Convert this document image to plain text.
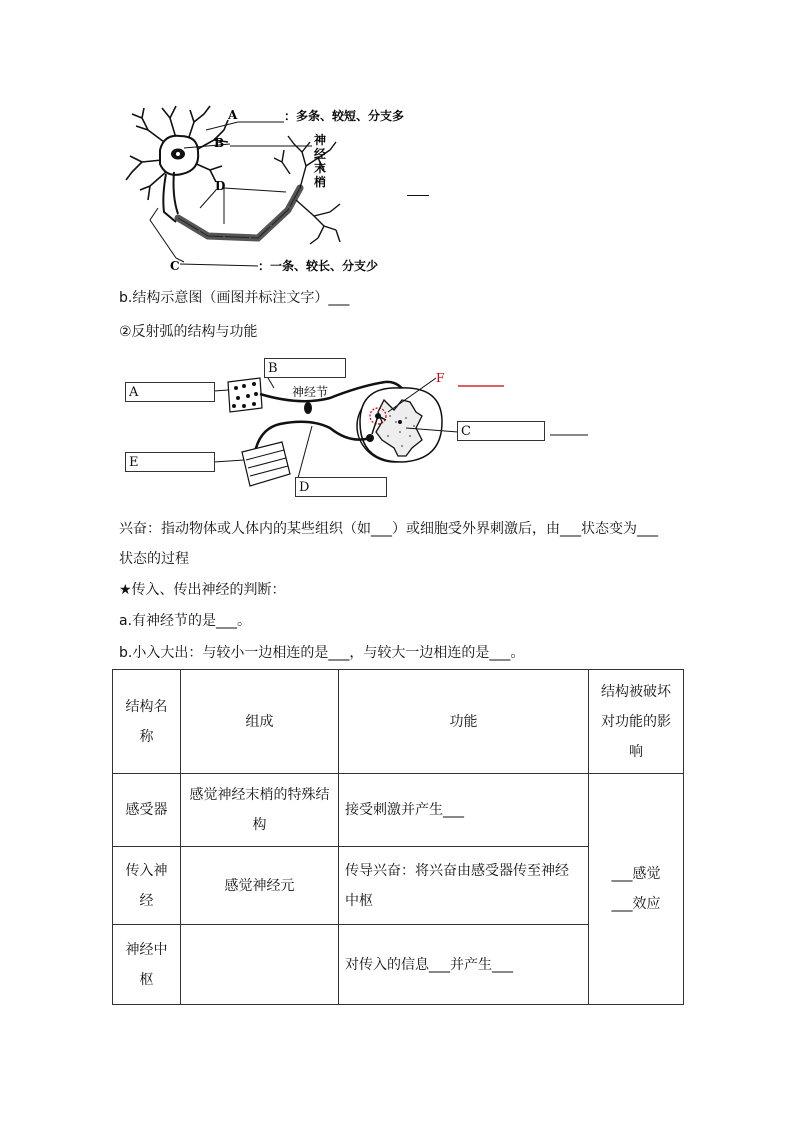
A	：多条、较短、分支多
B
D
C	：一条、较长、分支少
神
经
末
梢
b.结构示意图（画图并标注文字）___
②反射弧的结构与功能
F
神经节
A
B
C
D
E
兴奋：指动物体或人体内的某些组织（如___）或细胞受外界刺激后，由___状态变为___
状态的过程
★传入、传出神经的判断：
a.有神经节的是___。
b.小入大出：与较小一边相连的是___，与较大一边相连的是___。
结构名称	组成	功能	结构被破坏对功能的影响
感受器	感觉神经末梢的特殊结构	接受刺激并产生___	___感觉
___效应

传入神经	感觉神经元	传导兴奋：将兴奋由感受器传至神经中枢	
神经中枢		对传入的信息___并产生___	
